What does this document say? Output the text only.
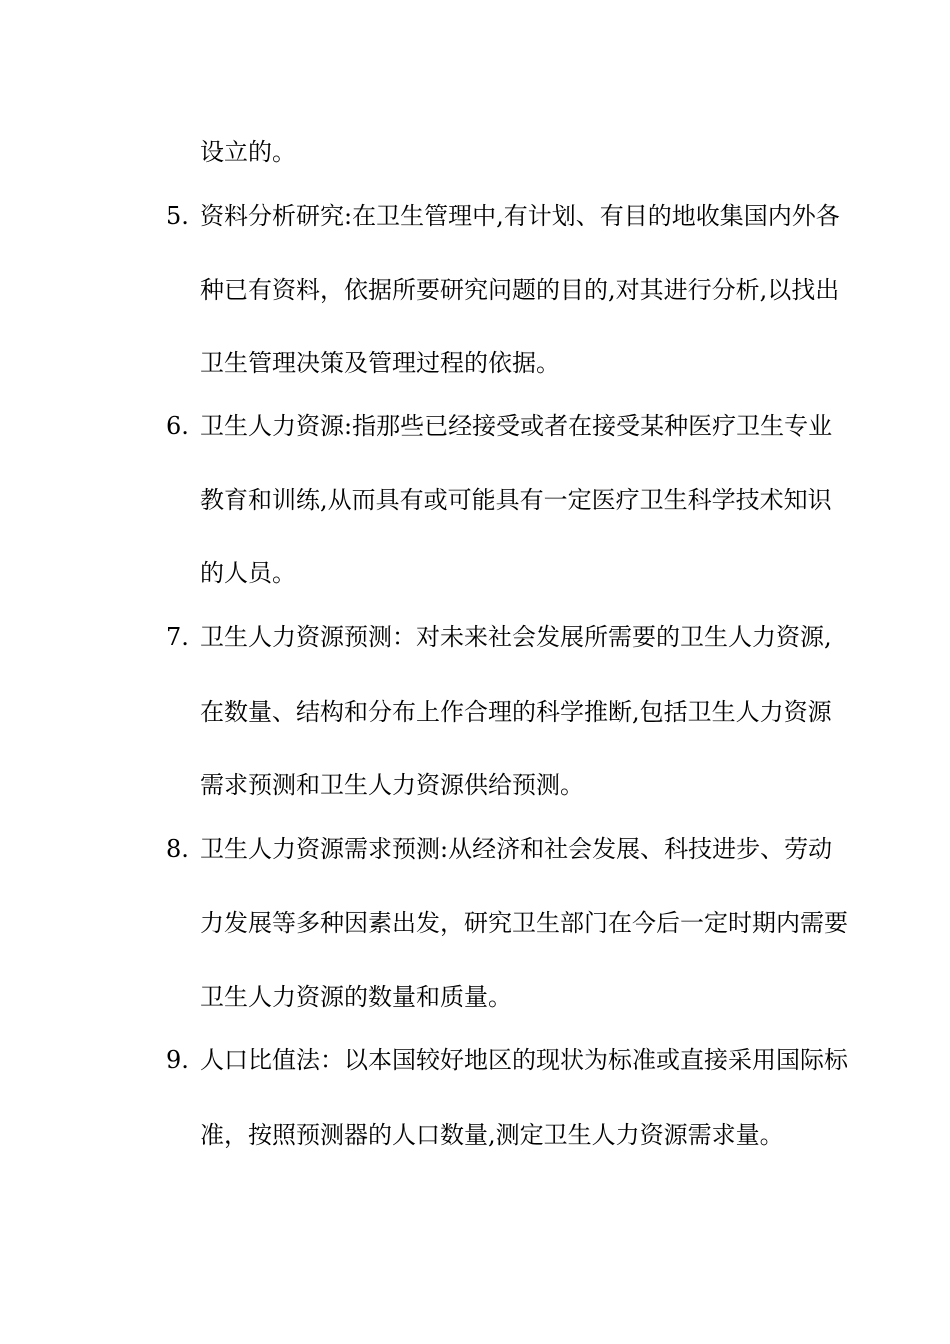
设立的。
5. 资料分析研究:在卫生管理中,有计划、有目的地收集国内外各
种已有资料，依据所要研究问题的目的,对其进行分析,以找出
卫生管理决策及管理过程的依据。
6. 卫生人力资源:指那些已经接受或者在接受某种医疗卫生专业
教育和训练,从而具有或可能具有一定医疗卫生科学技术知识
的人员。
7. 卫生人力资源预测：对未来社会发展所需要的卫生人力资源,
在数量、结构和分布上作合理的科学推断,包括卫生人力资源
需求预测和卫生人力资源供给预测。
8. 卫生人力资源需求预测:从经济和社会发展、科技进步、劳动
力发展等多种因素出发，研究卫生部门在今后一定时期内需要
卫生人力资源的数量和质量。
9. 人口比值法：以本国较好地区的现状为标准或直接采用国际标
准，按照预测器的人口数量,测定卫生人力资源需求量。
